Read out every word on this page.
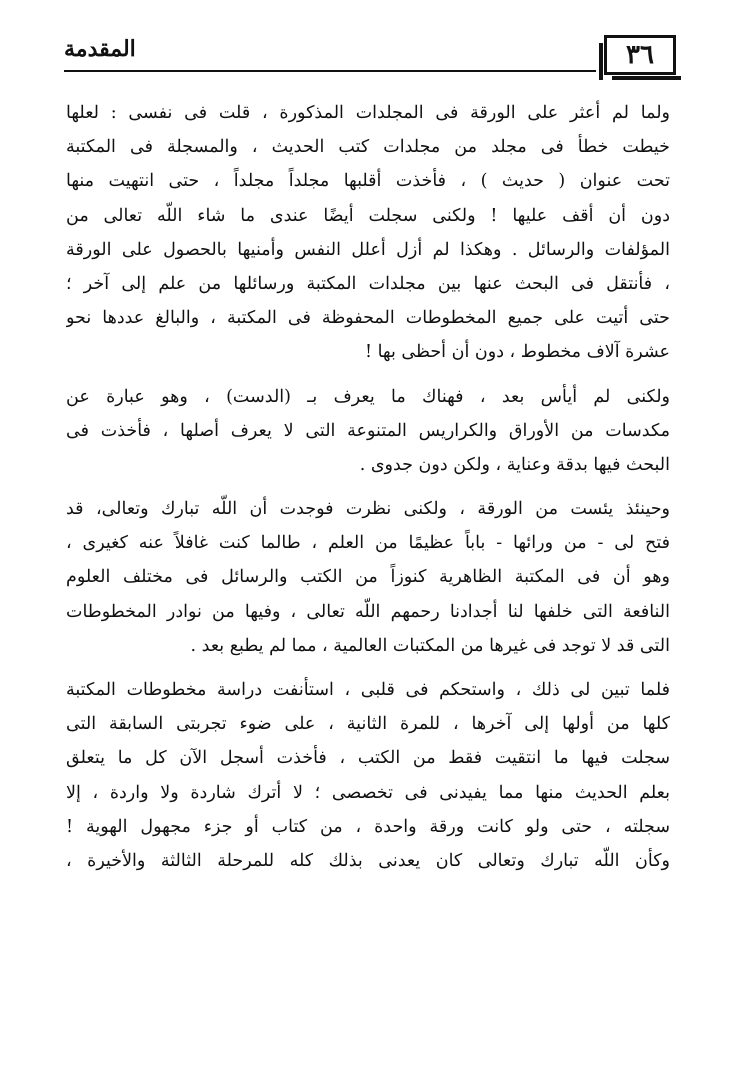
٣٦
المقدمة

ولما لم أعثر على الورقة فى المجلدات المذكورة ، قلت فى نفسى : لعلها
خيطت خطأ فى مجلد من مجلدات كتب الحديث ، والمسجلة فى المكتبة
تحت عنوان ( حديث ) ، فأخذت أقلبها مجلداً مجلداً ، حتى انتهيت منها
دون أن أقف عليها ! ولكنى سجلت أيضًا عندى ما شاء اللّه تعالى من
المؤلفات والرسائل . وهكذا لم أزل أعلل النفس وأمنيها بالحصول على الورقة
، فأنتقل فى البحث عنها بين مجلدات المكتبة ورسائلها من علم إلى آخر ؛
حتى أتيت على جميع المخطوطات المحفوظة فى المكتبة ، والبالغ عددها نحو
عشرة آلاف مخطوط ، دون أن أحظى بها !

ولكنى لم أيأس بعد ، فهناك ما يعرف بـ (الدست) ، وهو عبارة عن
مكدسات من الأوراق والكراريس المتنوعة التى لا يعرف أصلها ، فأخذت فى
البحث فيها بدقة وعناية ، ولكن دون جدوى .

وحينئذ يئست من الورقة ، ولكنى نظرت فوجدت أن اللّه تبارك وتعالى، قد
فتح لى - من ورائها - باباً عظيمًا من العلم ، طالما كنت غافلاً عنه كغيرى ،
وهو أن فى المكتبة الظاهرية كنوزاً من الكتب والرسائل فى مختلف العلوم
النافعة التى خلفها لنا أجدادنا رحمهم اللّه تعالى ، وفيها من نوادر المخطوطات
التى قد لا توجد فى غيرها من المكتبات العالمية ، مما لم يطبع بعد .

فلما تبين لى ذلك ، واستحكم فى قلبى ، استأنفت دراسة مخطوطات المكتبة
كلها من أولها إلى آخرها ، للمرة الثانية ، على ضوء تجربتى السابقة التى
سجلت فيها ما انتقيت فقط من الكتب ، فأخذت أسجل الآن كل ما يتعلق
بعلم الحديث منها مما يفيدنى فى تخصصى ؛ لا أترك شاردة ولا واردة ، إلا
سجلته ، حتى ولو كانت ورقة واحدة ، من كتاب أو جزء مجهول الهوية !
وكأن اللّه تبارك وتعالى كان يعدنى بذلك كله للمرحلة الثالثة والأخيرة ،
